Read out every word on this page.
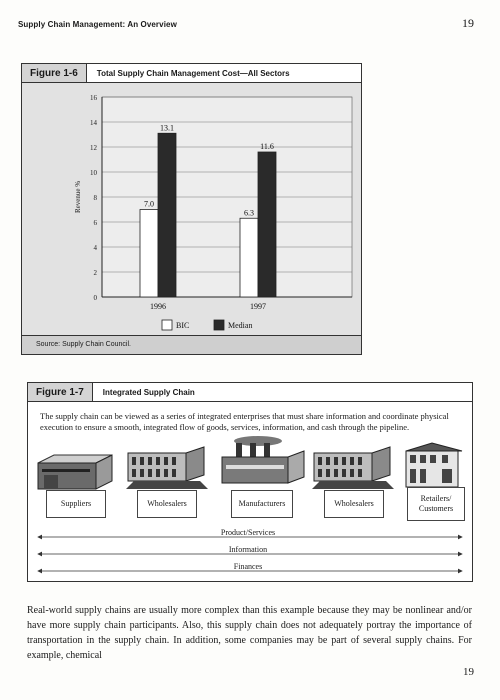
Supply Chain Management: An Overview	19
Figure 1-6	Total Supply Chain Management Cost—All Sectors
0
2
4
6
8
10
12
14
16
Revenue %	7.0
13.1
1996
6.3
11.6
1997
BIC	Median
Source: Supply Chain Council.
Figure 1-7	Integrated Supply Chain
The supply chain can be viewed as a series of integrated enterprises that must share information and coordinate physical execution to ensure a smooth, integrated flow of goods, services, information, and cash through the pipeline.
Suppliers	Wholesalers	Manufacturers	Wholesalers
Retailers/ Customers
Product/Services
Information
Finances

Real-world supply chains are usually more complex than this example because they may be nonlinear and/or have more supply chain participants. Also, this supply chain does not adequately portray the importance of transportation in the supply chain. In addition, some companies may be part of several supply chains. For example, chemical

19
